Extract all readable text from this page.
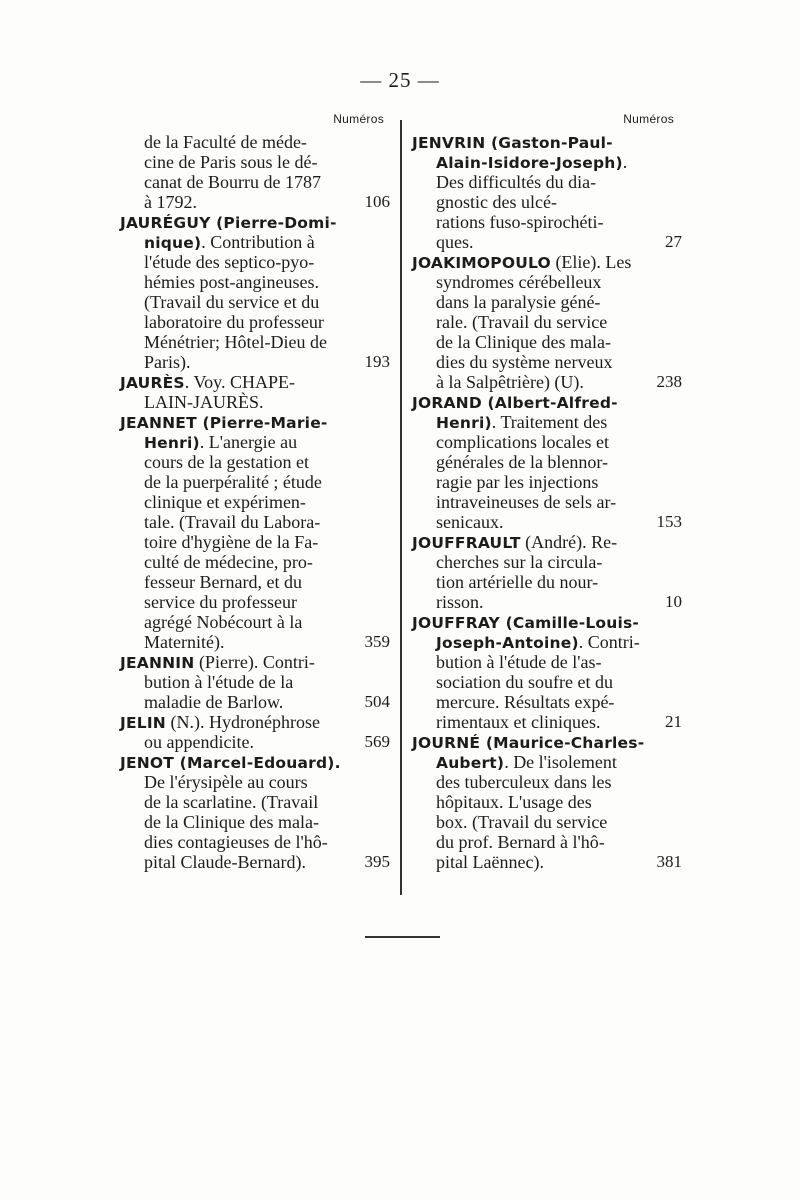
— 25 —
Numéros
de la Faculté de méde-
cine de Paris sous le dé-
canat de Bourru de 1787
à 1792.	106
JAURÉGUY (Pierre-Domi-
nique). Contribution à
l'étude des septico-pyo-
hémies post-angineuses.
(Travail du service et du
laboratoire du professeur
Ménétrier; Hôtel-Dieu de
Paris).	193
JAURÈS. Voy. CHAPE-
LAIN-JAURÈS.
JEANNET (Pierre-Marie-
Henri). L'anergie au
cours de la gestation et
de la puerpéralité ; étude
clinique et expérimen-
tale. (Travail du Labora-
toire d'hygiène de la Fa-
culté de médecine, pro-
fesseur Bernard, et du
service du professeur
agrégé Nobécourt à la
Maternité).	359
JEANNIN (Pierre). Contri-
bution à l'étude de la
maladie de Barlow.	504
JELIN (N.). Hydronéphrose
ou appendicite.	569
JENOT (Marcel-Edouard).
De l'érysipèle au cours
de la scarlatine. (Travail
de la Clinique des mala-
dies contagieuses de l'hô-
pital Claude-Bernard).	395
Numéros
JENVRIN (Gaston-Paul-
Alain-Isidore-Joseph).
Des difficultés du dia-
gnostic des ulcé-
rations fuso-spirochéti-
ques.	27
JOAKIMOPOULO (Elie). Les
syndromes cérébelleux
dans la paralysie géné-
rale. (Travail du service
de la Clinique des mala-
dies du système nerveux
à la Salpêtrière) (U).	238
JORAND (Albert-Alfred-
Henri). Traitement des
complications locales et
générales de la blennor-
ragie par les injections
intraveineuses de sels ar-
senicaux.	153
JOUFFRAULT (André). Re-
cherches sur la circula-
tion artérielle du nour-
risson.	10
JOUFFRAY (Camille-Louis-
Joseph-Antoine). Contri-
bution à l'étude de l'as-
sociation du soufre et du
mercure. Résultats expé-
rimentaux et cliniques.	21
JOURNÉ (Maurice-Charles-
Aubert). De l'isolement
des tuberculeux dans les
hôpitaux. L'usage des
box. (Travail du service
du prof. Bernard à l'hô-
pital Laënnec).	381
